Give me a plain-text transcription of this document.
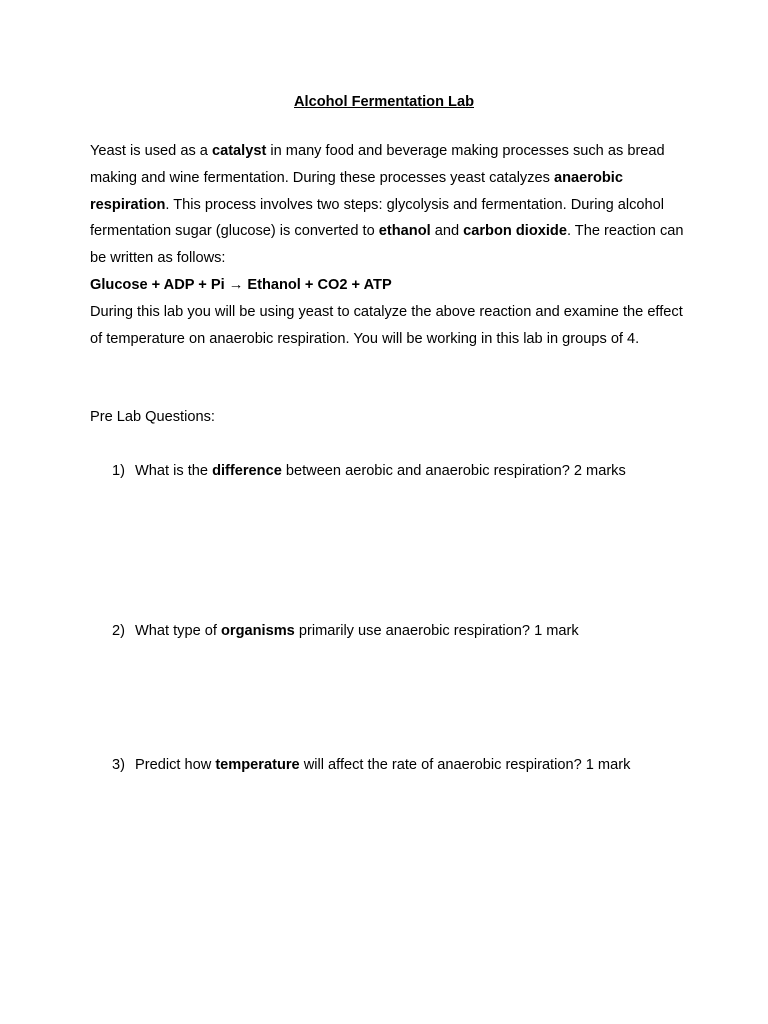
Alcohol Fermentation Lab

Yeast is used as a catalyst in many food and beverage making processes such as bread making and wine fermentation. During these processes yeast catalyzes anaerobic respiration. This process involves two steps: glycolysis and fermentation. During alcohol fermentation sugar (glucose) is converted to ethanol and carbon dioxide. The reaction can be written as follows:

Glucose + ADP + Pi → Ethanol + CO2 + ATP

During this lab you will be using yeast to catalyze the above reaction and examine the effect of temperature on anaerobic respiration. You will be working in this lab in groups of 4.

Pre Lab Questions:
1) What is the difference between aerobic and anaerobic respiration? 2 marks
2) What type of organisms primarily use anaerobic respiration? 1 mark
3) Predict how temperature will affect the rate of anaerobic respiration? 1 mark
